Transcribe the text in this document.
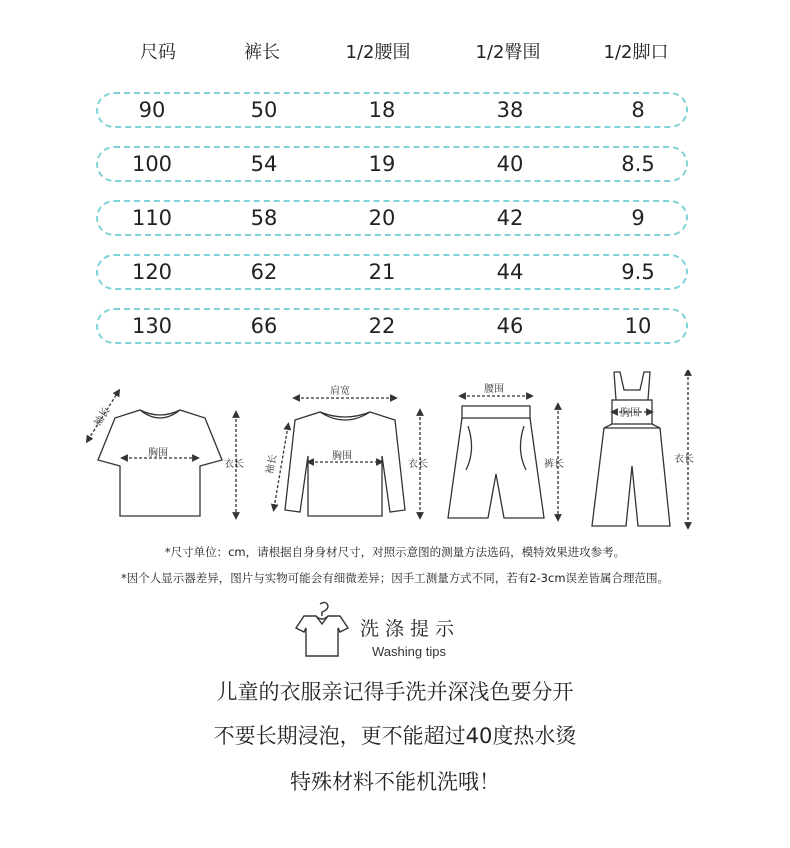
尺码	裤长	1/2腰围	1/2臀围	1/2脚口
90	50	18	38	8
100	54	19	40	8.5
110	58	20	42	9
120	62	21	44	9.5
130	66	22	46	10
胸围
衣长
袖长
肩宽
胸围
衣长
袖长
腰围
裤长
胸围
衣长
*尺寸单位：cm，请根据自身身材尺寸，对照示意图的测量方法选码，模特效果进攻参考。
*因个人显示器差异，图片与实物可能会有细微差异；因手工测量方式不同，若有2-3cm误差皆属合理范围。
洗涤提示
Washing tips
儿童的衣服亲记得手洗并深浅色要分开
不要长期浸泡，更不能超过40度热水烫
特殊材料不能机洗哦！
